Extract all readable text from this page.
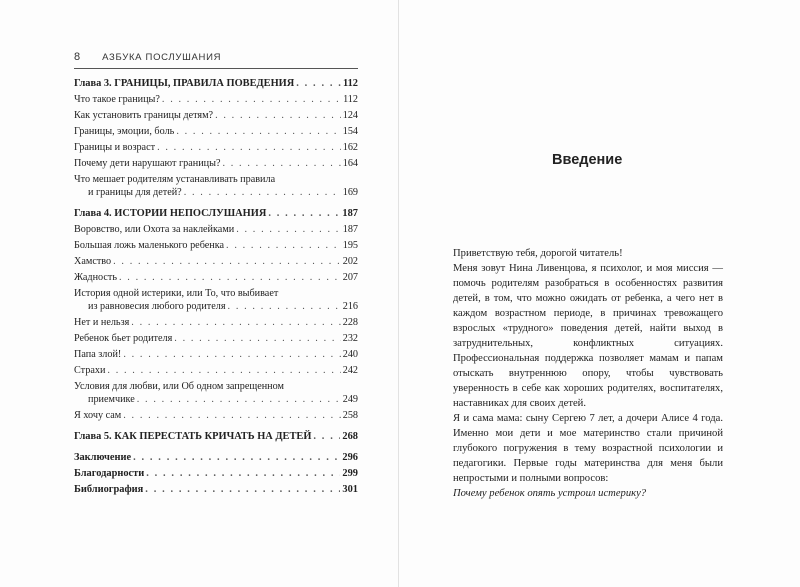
8 АЗБУКА ПОСЛУШАНИЯ
Глава 3. ГРАНИЦЫ, ПРАВИЛА ПОВЕДЕНИЯ . . .	112
Что такое границы? . . .	112
Как установить границы детям? . . .	124
Границы, эмоции, боль . . .	154
Границы и возраст . . .	162
Почему дети нарушают границы? . . .	164
Что мешает родителям устанавливать правила
и границы для детей? . . .	169
Глава 4. ИСТОРИИ НЕПОСЛУШАНИЯ . . .	187
Воровство, или Охота за наклейками . . .	187
Большая ложь маленького ребенка . . .	195
Хамство . . .	202
Жадность . . .	207
История одной истерики, или То, что выбивает
из равновесия любого родителя . . .	216
Нет и нельзя . . .	228
Ребенок бьет родителя . . .	232
Папа злой! . . .	240
Страхи . . .	242
Условия для любви, или Об одном запрещенном
приемчике . . .	249
Я хочу сам . . .	258
Глава 5. КАК ПЕРЕСТАТЬ КРИЧАТЬ НА ДЕТЕЙ . . .	268
Заключение . . .	296
Благодарности . . .	299
Библиография . . .	301
Введение

Приветствую тебя, дорогой читатель!

Меня зовут Нина Ливенцова, я психолог, и моя миссия — помочь родителям разобраться в особенностях развития детей, в том, что можно ожидать от ребенка, а чего нет в каждом возрастном периоде, в причинах тревожащего взрослых «трудного» поведения детей, найти выход в затруднительных, конфликтных ситуациях. Профессиональная поддержка позволяет мамам и папам отыскать внутреннюю опору, чтобы чувствовать уверенность в себе как хороших родителях, воспитателях, наставниках для своих детей.

Я и сама мама: сыну Сергею 7 лет, а дочери Алисе 4 года. Именно мои дети и мое материнство стали причиной глубокого погружения в тему возрастной психологии и педагогики. Первые годы материнства для меня были непростыми и полными вопросов:

Почему ребенок опять устроил истерику?
